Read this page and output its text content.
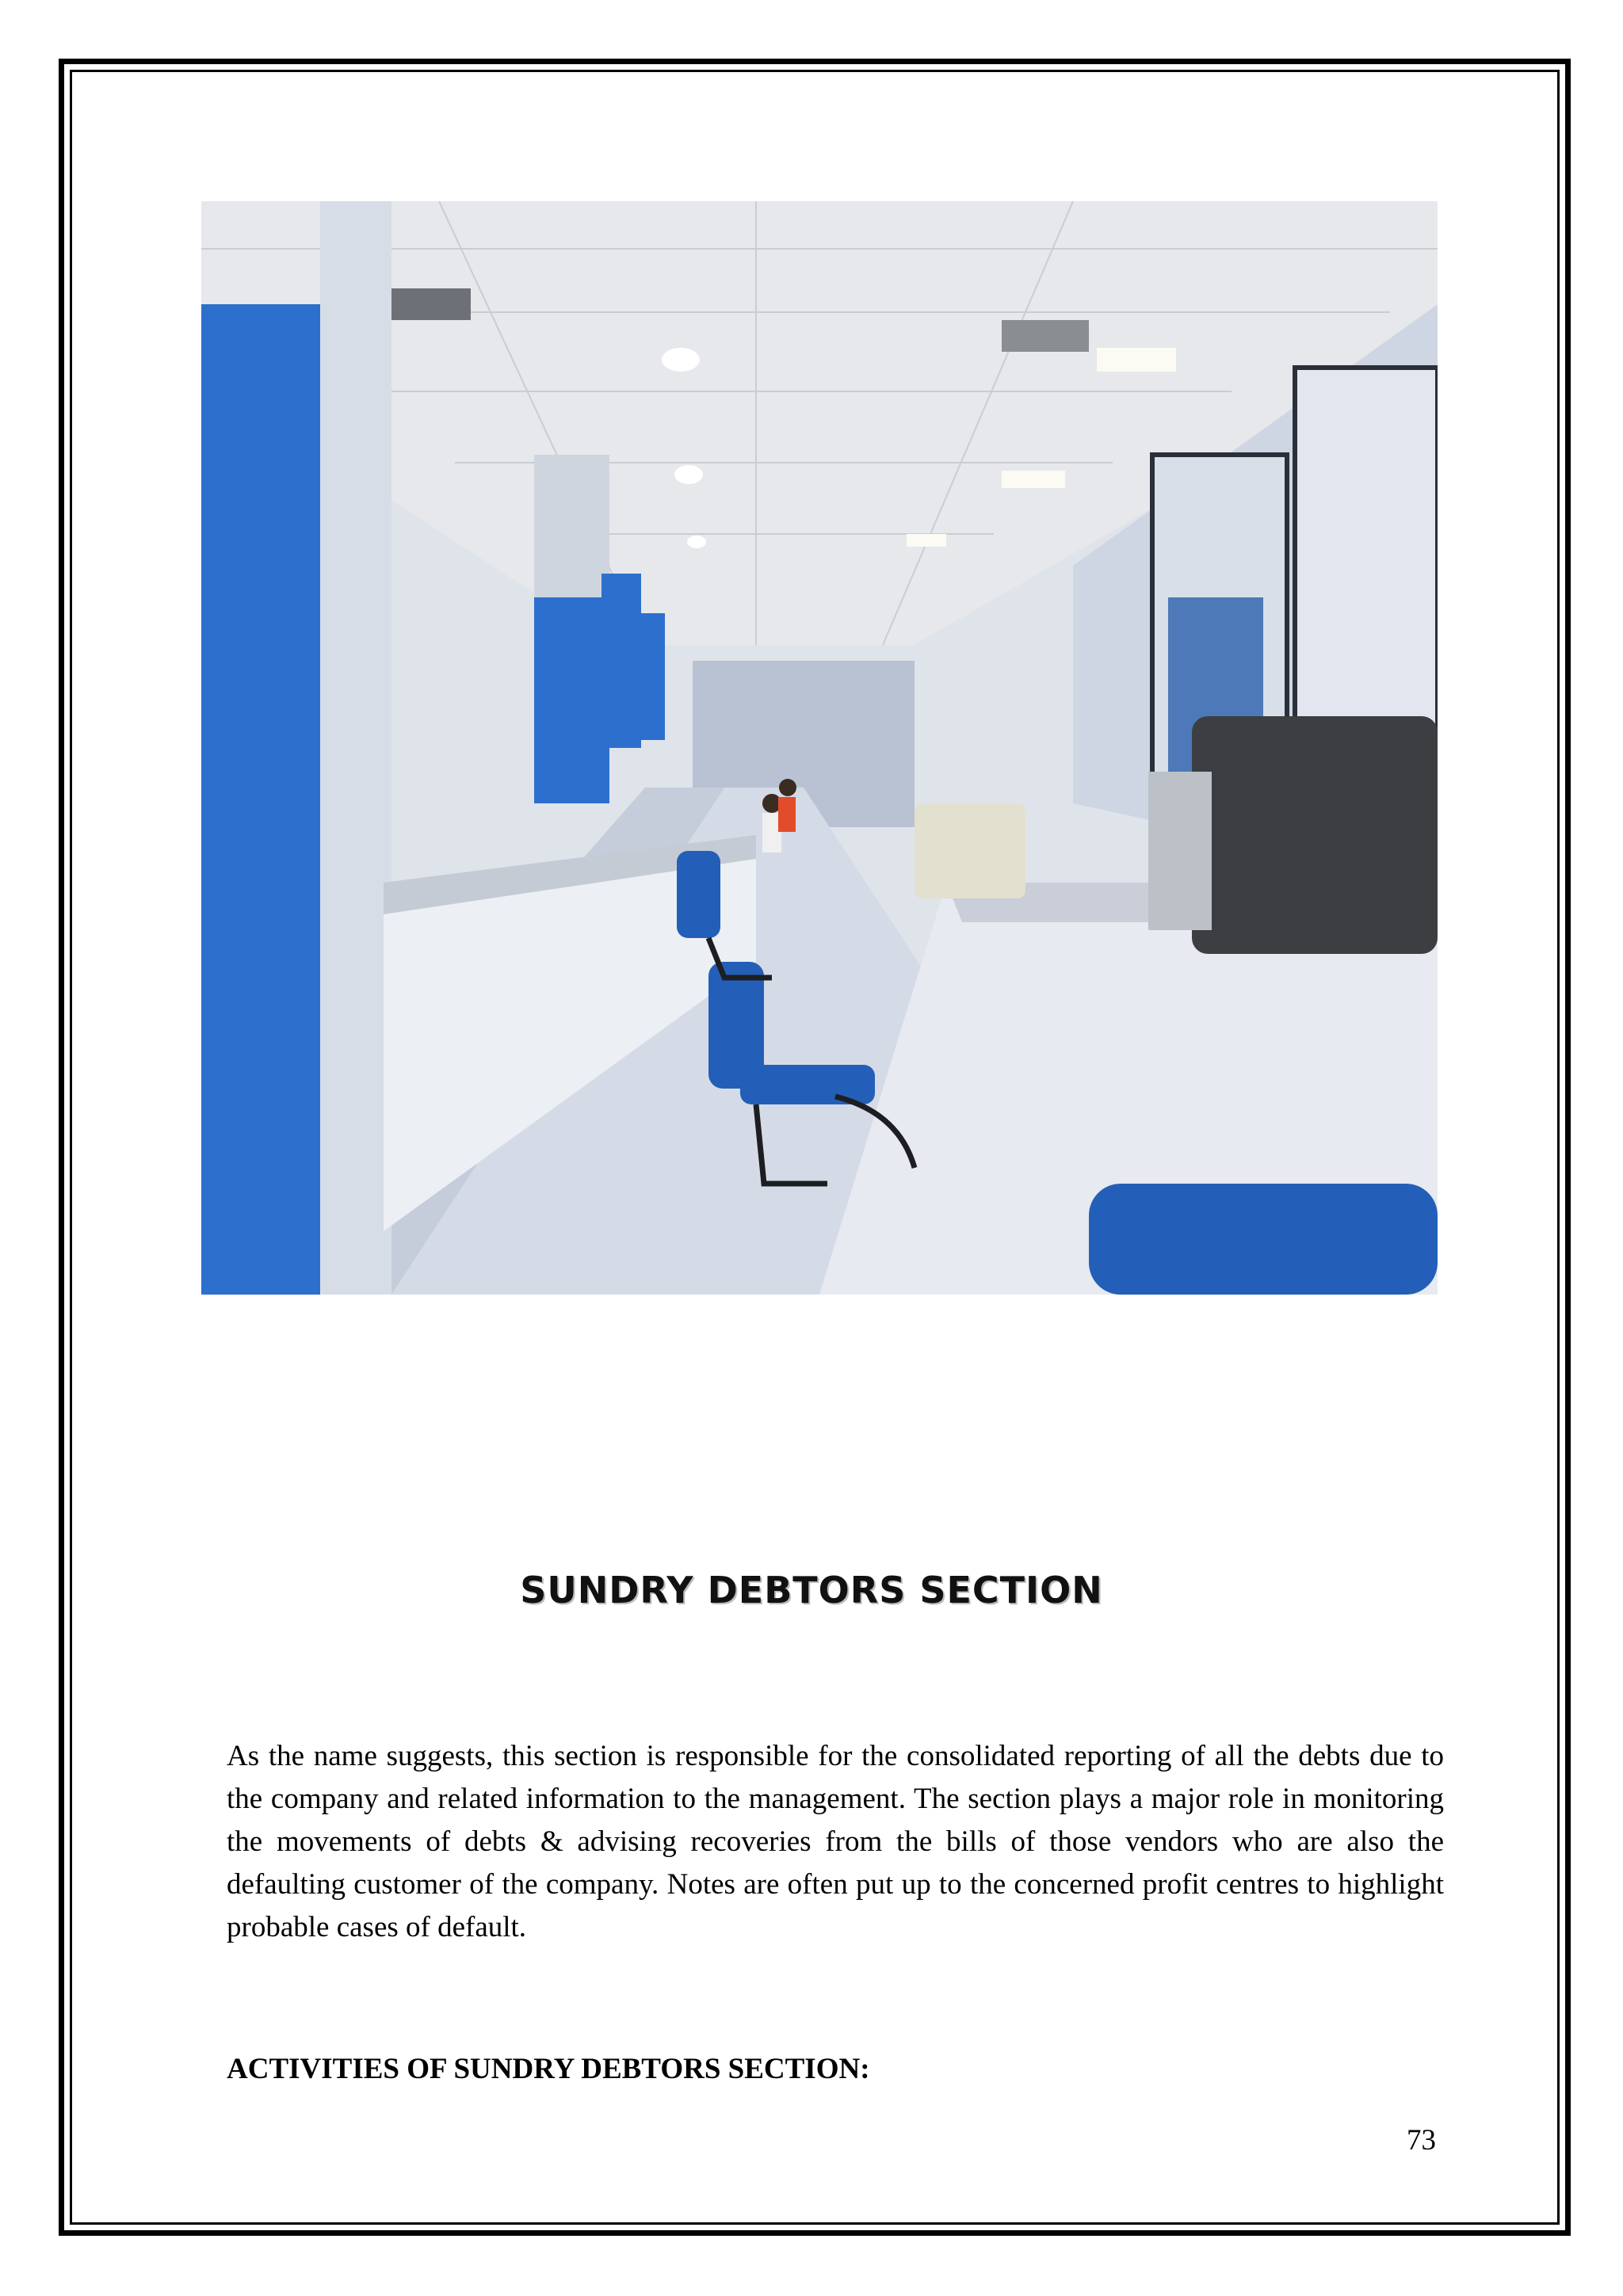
SUNDRY DEBTORS SECTION
As the name suggests, this section is responsible for the consolidated reporting of all the debts due to the company and related information to the management. The section plays a major role in monitoring the movements of debts & advising recoveries from the bills of those vendors who are also the defaulting customer of the company. Notes are often put up to the concerned profit centres to highlight probable cases of default.
ACTIVITIES OF SUNDRY DEBTORS SECTION:
73
